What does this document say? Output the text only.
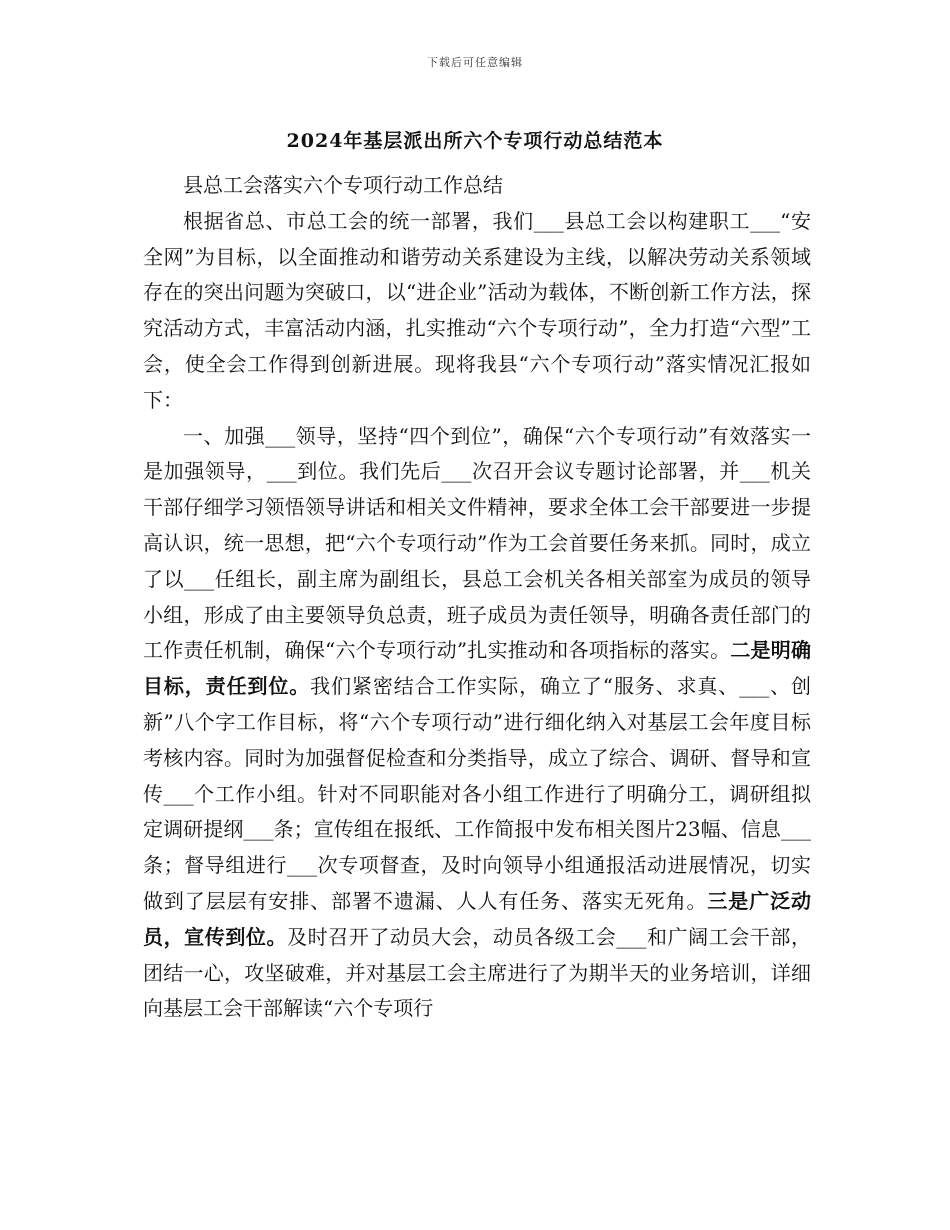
下载后可任意编辑
2024年基层派出所六个专项行动总结范本

县总工会落实六个专项行动工作总结

根据省总、市总工会的统一部署，我们___县总工会以构建职工___“安全网”为目标，以全面推动和谐劳动关系建设为主线，以解决劳动关系领域存在的突出问题为突破口，以“进企业”活动为载体，不断创新工作方法，探究活动方式，丰富活动内涵，扎实推动“六个专项行动”，全力打造“六型”工会，使全会工作得到创新进展。现将我县“六个专项行动”落实情况汇报如下：

一、加强___领导，坚持“四个到位”，确保“六个专项行动”有效落实一是加强领导，___到位。我们先后___次召开会议专题讨论部署，并___机关干部仔细学习领悟领导讲话和相关文件精神，要求全体工会干部要进一步提高认识，统一思想，把“六个专项行动”作为工会首要任务来抓。同时，成立了以___任组长，副主席为副组长，县总工会机关各相关部室为成员的领导小组，形成了由主要领导负总责，班子成员为责任领导，明确各责任部门的工作责任机制，确保“六个专项行动”扎实推动和各项指标的落实。二是明确目标，责任到位。我们紧密结合工作实际，确立了“服务、求真、___、创新”八个字工作目标，将“六个专项行动”进行细化纳入对基层工会年度目标考核内容。同时为加强督促检查和分类指导，成立了综合、调研、督导和宣传___个工作小组。针对不同职能对各小组工作进行了明确分工，调研组拟定调研提纲___条；宣传组在报纸、工作简报中发布相关图片23幅、信息___条；督导组进行___次专项督查，及时向领导小组通报活动进展情况，切实做到了层层有安排、部署不遗漏、人人有任务、落实无死角。三是广泛动员，宣传到位。及时召开了动员大会，动员各级工会___和广阔工会干部，团结一心，攻坚破难，并对基层工会主席进行了为期半天的业务培训，详细向基层工会干部解读“六个专项行
